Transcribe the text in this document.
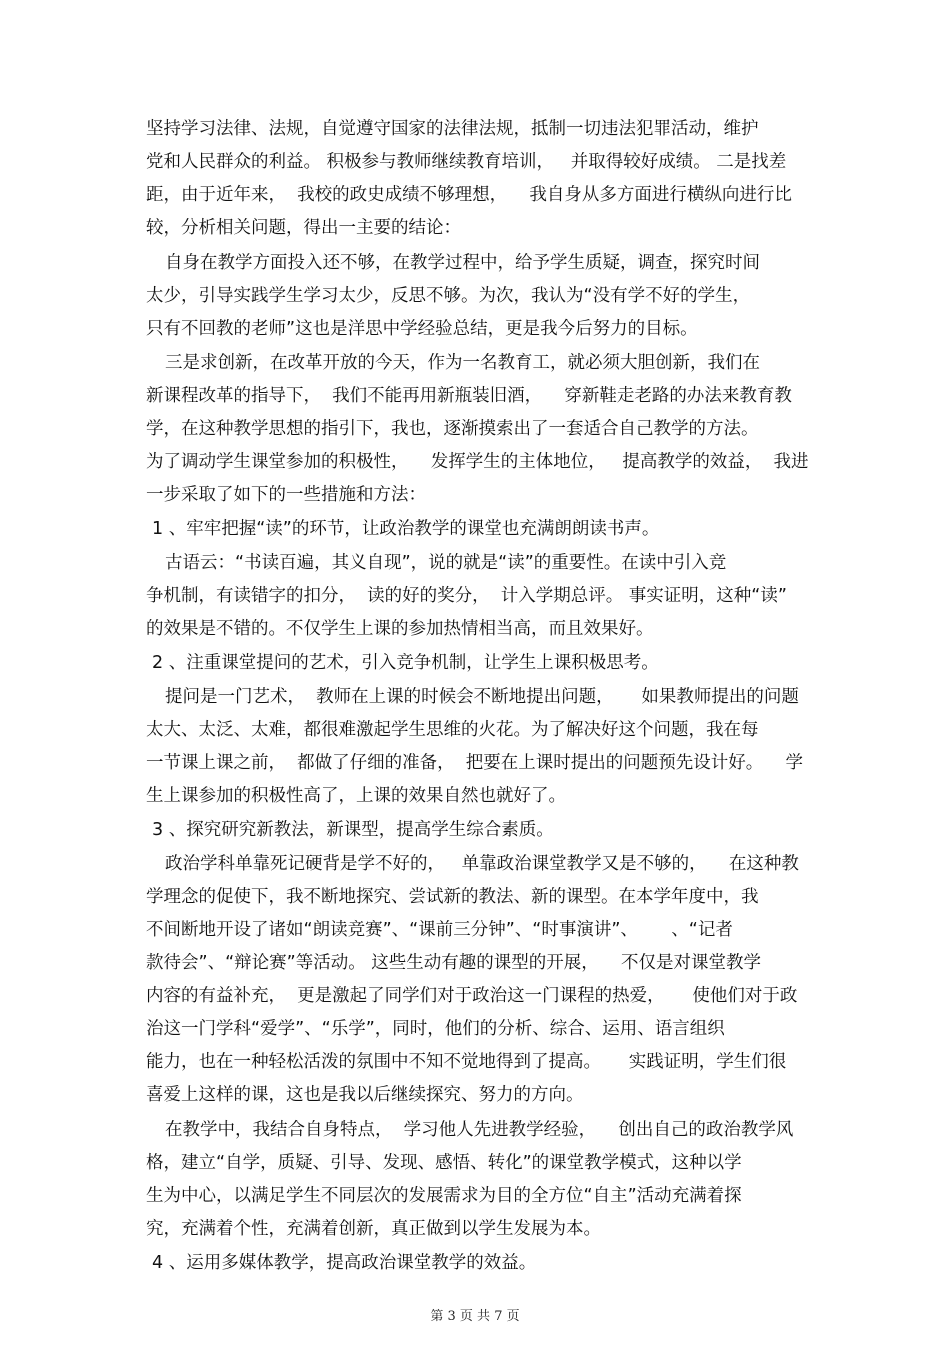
坚持学习法律、法规，自觉遵守国家的法律法规，抵制一切违法犯罪活动，维护
党和人民群众的利益。 积极参与教师继续教育培训，   并取得较好成绩。 二是找差
距，由于近年来，  我校的政史成绩不够理想，    我自身从多方面进行横纵向进行比
较，分析相关问题，得出一主要的结论：
自身在教学方面投入还不够，在教学过程中，给予学生质疑，调查，探究时间
太少，引导实践学生学习太少，反思不够。为次，我认为“没有学不好的学生，
只有不回教的老师”这也是洋思中学经验总结，更是我今后努力的目标。
三是求创新，在改革开放的今天，作为一名教育工，就必须大胆创新，我们在
新课程改革的指导下，  我们不能再用新瓶装旧酒，    穿新鞋走老路的办法来教育教
学，在这种教学思想的指引下，我也，逐渐摸索出了一套适合自己教学的方法。
为了调动学生课堂参加的积极性，    发挥学生的主体地位，   提高教学的效益，  我进
一步采取了如下的一些措施和方法：
1 、牢牢把握“读”的环节，让政治教学的课堂也充满朗朗读书声。
古语云：“书读百遍，其义自现”，说的就是“读”的重要性。在读中引入竞
争机制，有读错字的扣分，  读的好的奖分，  计入学期总评。 事实证明，这种“读”
的效果是不错的。不仅学生上课的参加热情相当高，而且效果好。
2 、注重课堂提问的艺术，引入竞争机制，让学生上课积极思考。
提问是一门艺术，  教师在上课的时候会不断地提出问题，     如果教师提出的问题
太大、太泛、太难，都很难激起学生思维的火花。为了解决好这个问题，我在每
一节课上课之前，  都做了仔细的准备，  把要在上课时提出的问题预先设计好。    学
生上课参加的积极性高了，上课的效果自然也就好了。
3 、探究研究新教法，新课型，提高学生综合素质。
政治学科单靠死记硬背是学不好的，   单靠政治课堂教学又是不够的，    在这种教
学理念的促使下，我不断地探究、尝试新的教法、新的课型。在本学年度中，我
不间断地开设了诸如“朗读竞赛”、“课前三分钟”、“时事演讲”、      、“记者
款待会”、“辩论赛”等活动。 这些生动有趣的课型的开展，    不仅是对课堂教学
内容的有益补充，  更是激起了同学们对于政治这一门课程的热爱，     使他们对于政
治这一门学科“爱学”、“乐学”，同时，他们的分析、综合、运用、语言组织
能力，也在一种轻松活泼的氛围中不知不觉地得到了提高。     实践证明，学生们很
喜爱上这样的课，这也是我以后继续探究、努力的方向。
在教学中，我结合自身特点，  学习他人先进教学经验，    创出自己的政治教学风
格，建立“自学，质疑、引导、发现、感悟、转化”的课堂教学模式，这种以学
生为中心，以满足学生不同层次的发展需求为目的全方位“自主”活动充满着探
究，充满着个性，充满着创新，真正做到以学生发展为本。
4 、运用多媒体教学，提高政治课堂教学的效益。
第 3 页 共 7 页
